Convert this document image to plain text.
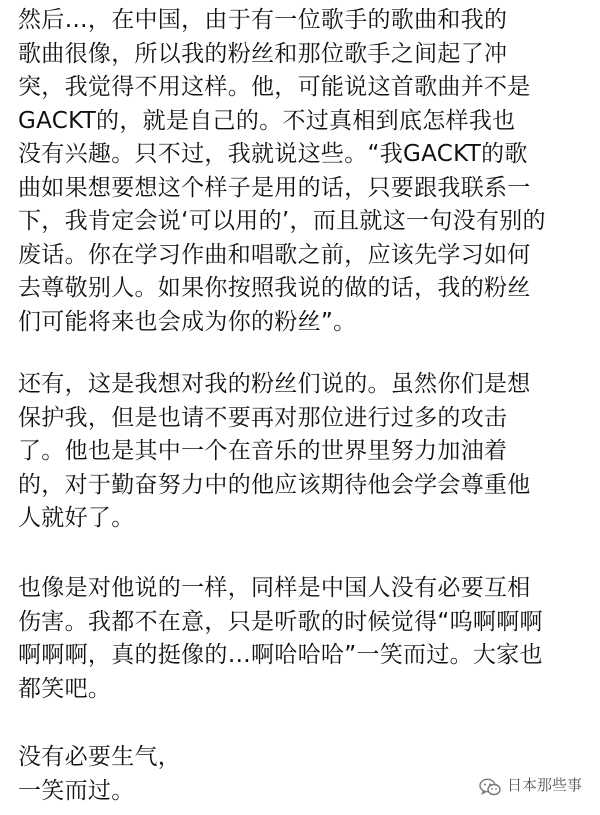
然后…，在中国，由于有一位歌手的歌曲和我的
歌曲很像，所以我的粉丝和那位歌手之间起了冲
突，我觉得不用这样。他，可能说这首歌曲并不是
GACKT的，就是自己的。不过真相到底怎样我也
没有兴趣。只不过，我就说这些。“我GACKT的歌
曲如果想要想这个样子是用的话，只要跟我联系一
下，我肯定会说‘可以用的’，而且就这一句没有别的
废话。你在学习作曲和唱歌之前，应该先学习如何
去尊敬别人。如果你按照我说的做的话，我的粉丝
们可能将来也会成为你的粉丝”。
还有，这是我想对我的粉丝们说的。虽然你们是想
保护我，但是也请不要再对那位进行过多的攻击
了。他也是其中一个在音乐的世界里努力加油着
的，对于勤奋努力中的他应该期待他会学会尊重他
人就好了。
也像是对他说的一样，同样是中国人没有必要互相
伤害。我都不在意，只是听歌的时候觉得“呜啊啊啊
啊啊啊，真的挺像的…啊哈哈哈”一笑而过。大家也
都笑吧。
没有必要生气，
一笑而过。	日本那些事
